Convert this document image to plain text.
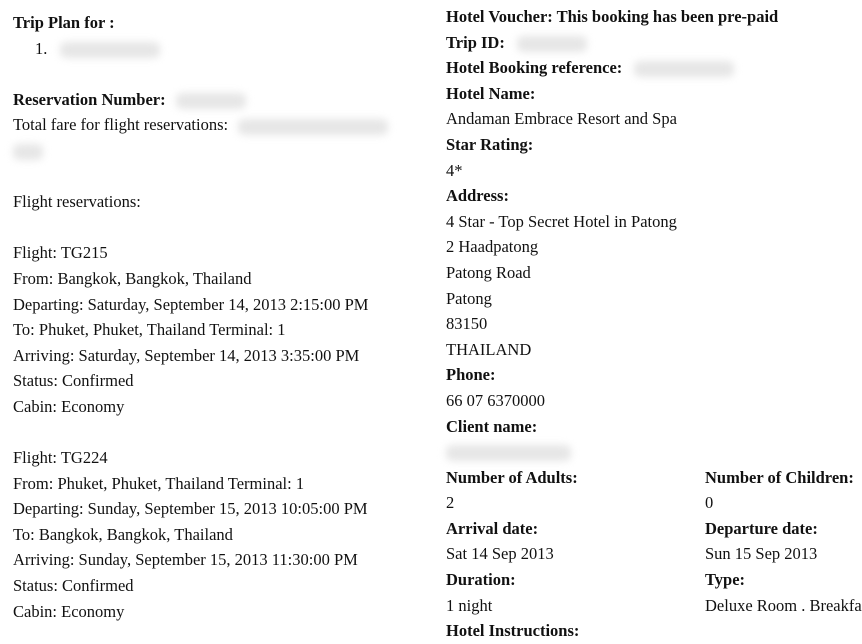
Trip Plan for :
1.
Reservation Number:
Total fare for flight reservations:
Flight reservations:
Flight: TG215
From: Bangkok, Bangkok, Thailand
Departing: Saturday, September 14, 2013 2:15:00 PM
To: Phuket, Phuket, Thailand Terminal: 1
Arriving: Saturday, September 14, 2013 3:35:00 PM
Status: Confirmed
Cabin: Economy
Flight: TG224
From: Phuket, Phuket, Thailand Terminal: 1
Departing: Sunday, September 15, 2013 10:05:00 PM
To: Bangkok, Bangkok, Thailand
Arriving: Sunday, September 15, 2013 11:30:00 PM
Status: Confirmed
Cabin: Economy
Hotel Voucher: This booking has been pre-paid
Trip ID:
Hotel Booking reference:
Hotel Name:
Andaman Embrace Resort and Spa
Star Rating:
4*
Address:
4 Star - Top Secret Hotel in Patong
2 Haadpatong
Patong Road
Patong
83150
THAILAND
Phone:
66 07 6370000
Client name:
Number of Adults:	Number of Children:
2	0
Arrival date:	Departure date:
Sat 14 Sep 2013	Sun 15 Sep 2013
Duration:	Type:
1 night	Deluxe Room . Breakfa
Hotel Instructions:
